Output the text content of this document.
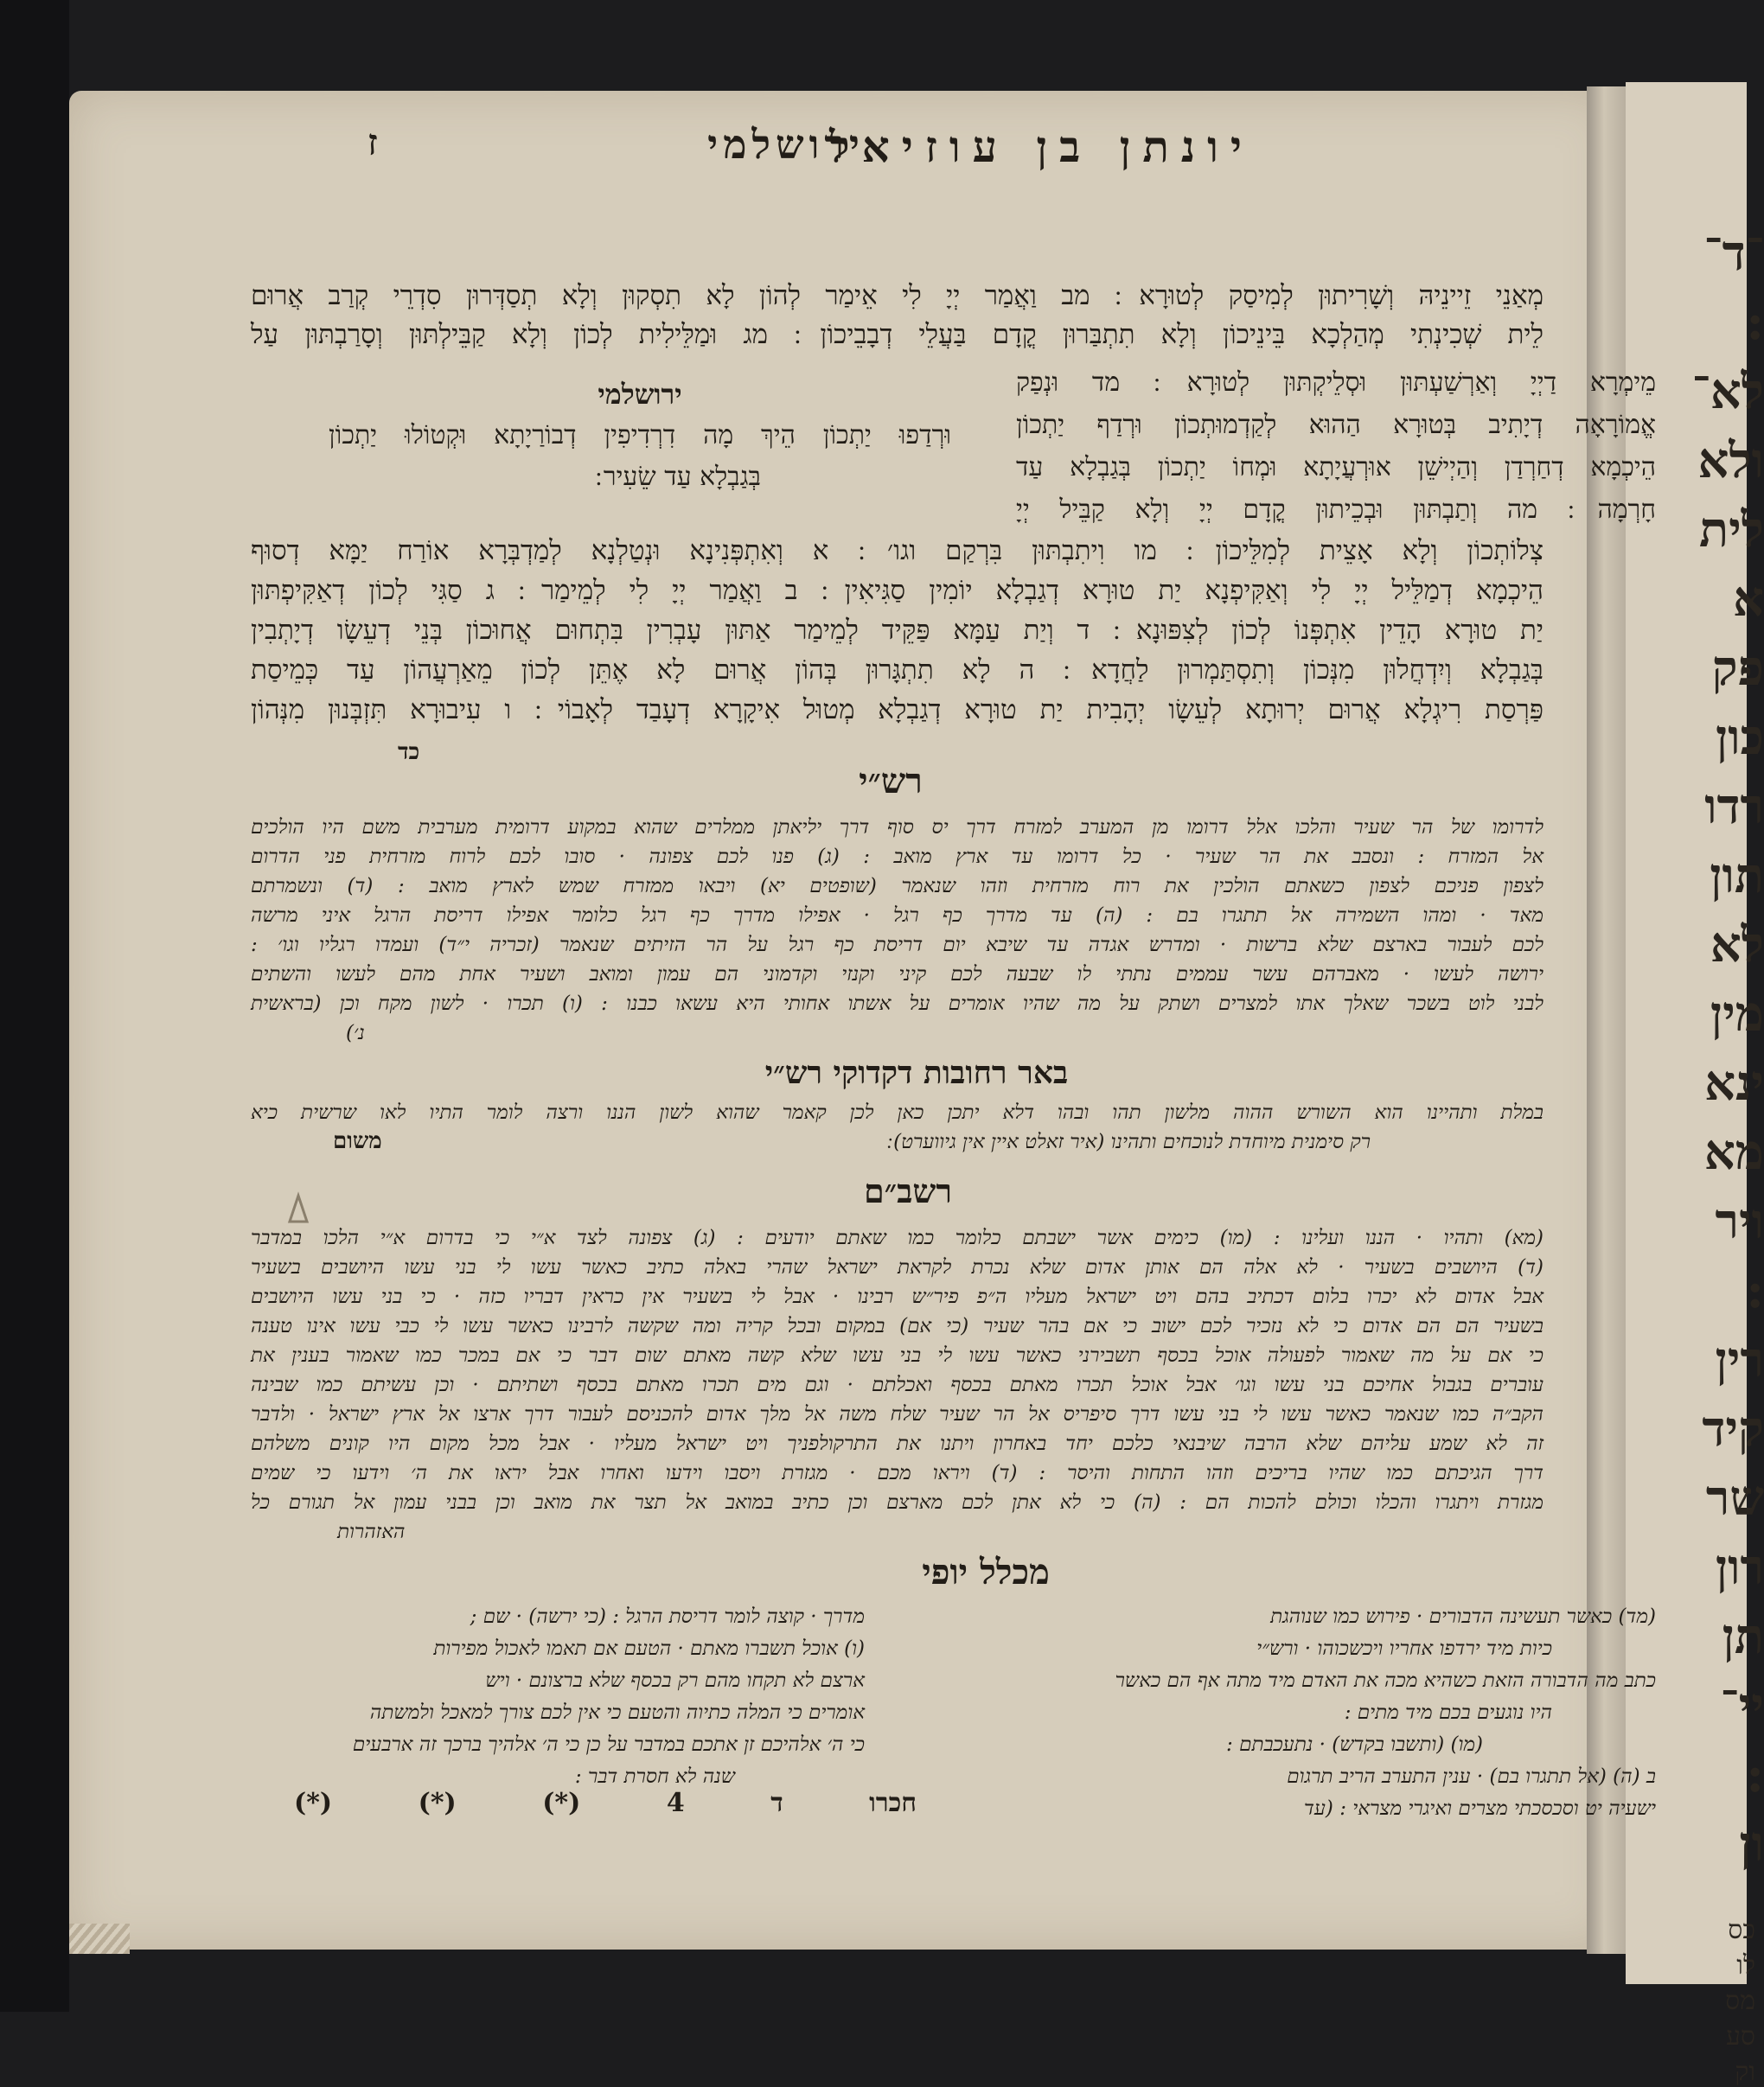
־ד־
:
לא־
ולא
לית
א
פק
כון
רדו
תון
לא
מין
ינא
מא
ויר
:
רין
קיד
שר
רון
תן
יי־
:
ון
כס
לו
מס
סע
וק
יונתן בן עוזיאל
ירושלמי
ז
מְאַנֵי זֵיינֵיהּ וְשָׁרִיתוּן לְמִיסַק לְטוּרָא ׃ מב וַאֲמַר יְיָ לִי אֵימַר לְהוֹן לָא תִסְקוּן וְלָא תְסַדְּרוּן סִדְרֵי קְרַב אֲרוּם
לֵית שְׁכִינְתִי מְהַלְכָא בֵּינֵיכוֹן וְלָא תִתְבַּרוּן קֳדָם בַּעֲלֵי דְבָבֵיכוֹן ׃ מג וּמַלֵּילִית לְכוֹן וְלָא קַבֵּילְתּוּן וְסָרַבְתּוּן עַל
מֵימְרָא דַיְיָ וְאַרְשַׁעְתּוּן וּסְלֵיקְתּוּן לְטוּרָא ׃ מד וּנְפַק
אֱמוֹרָאָה דְיָתִיב בְּטוּרָא הַהוּא לְקַדְמוּתְכוֹן וּרְדַף יַתְכוֹן
הֵיכְמָא דְחַרְדַן וְהַיְישֵׁן אוּרְעֲיָתָא וּמְחוֹ יַתְכוֹן בְּגַבְלָא עַד
חָרְמָה ׃ מה וְתַבְתּוּן וּבְכֵיתוּן קֳדָם יְיָ וְלָא קַבֵּיל יְיָ
ירושלמי
וּרְדַפוּ יַתְכוֹן הֵיךְ מָה דִרְדִיפִין דְבוֹרַיָתָא וּקְטוֹלוּ יַתְכוֹן
בְּגַבְלָא עַד שֵׂעִיר ׃
צְלוֹתְכוֹן וְלָא אָצֵית לְמִלֵּיכוֹן ׃ מו וִיתִבְתּוּן בִּרְקַם וגו׳ ׃ א וְאִתְפְּנִינָא וּנְטַלְנָא לְמַדְבְּרָא אוֹרַח יַמָּא דְסוּף
הֵיכְמָא דְמַלֵּיל יְיָ לִי וְאַקִּיפְנָא יַת טוּרָא דְגַבְלָא יוֹמִין סַגִּיאִין ׃ ב וַאֲמַר יְיָ לִי לְמֵימַר ׃ ג סַגִּי לְכוֹן דְאַקִּיפְתּוּן
יַת טוּרָא הָדֵין אִתְפְּנוֹ לְכוֹן לְצִפּוּנָא ׃ ד וְיַת עַמָּא פַּקֵּיד לְמֵימַר אַתּוּן עָבְרִין בִּתְחוּם אֲחוּכוֹן בְּנֵי דְעֵשָׂו דְיָתְבִין
בְּגַבְלָא וְיִדְחֲלוּן מִנְּכוֹן וְתִסְתַּמְרוּן לַחֲדָא ׃ ה לָא תִתְגָּרוּן בְּהוֹן אֲרוּם לָא אֶתֵּן לְכוֹן מֵאַרְעֲהוֹן עַד כְּמֵיסַת
פַּרְסַת רִיגְלָא אֲרוּם יְרוּתָא לְעֵשָׂו יְהָבִית יַת טוּרָא דְגַבְלָא מְטוּל אִיקָרָא דְעָבַד לְאָבוֹי ׃ ו עִיבוּרָא תִּזְבְּנוּן מִנְּהוֹן
כד
רש״י
לדרומו של הר שעיר והלכו אלל דרומו מן המערב למזרח דרך יס סוף דרך יליאתן ממלרים שהוא במקוע דרומית מערבית משם היו הולכים
אל המזרח : ונסבב את הר שעיר · כל דרומו עד ארץ מואב : (ג) פנו לכם צפונה · סובו לכם לרוח מזרחית פני הדרום
לצפון פניכם לצפון כשאתם הולכין את רוח מזרחית וזהו שנאמר (שופטים יא) ויבאו ממזרח שמש לארץ מואב : (ד) ונשמרתם
מאד · ומהו השמירה אל תתגרו בם : (ה) עד מדרך כף רגל · אפילו מדרך כף רגל כלומר אפילו דריסת הרגל איני מרשה
לכם לעבור בארצם שלא ברשות · ומדרש אגדה עד שיבא יום דריסת כף רגל על הר הזיתים שנאמר (זכריה י״ד) ועמדו רגליו וגו׳ :
ירושה לעשו · מאברהם עשר עממים נתתי לו שבעה לכם קיני וקנזי וקדמוני הם עמון ומואב ושעיר אחת מהם לעשו והשתים
לבני לוט בשכר שאלך אתו למצרים ושתק על מה שהיו אומרים על אשתו אחותי היא עשאו כבנו : (ו) תכרו · לשון מקח וכן (בראשית
נ׳)
באר רחובות דקדוקי רש״י
במלת ותהיינו הוא השורש ההוה מלשון תהו ובהו דלא יתכן כאן לכן קאמר שהוא לשון הננו ורצה לומר התיו לאו שרשית כיא
רק סימנית מיוחדת לנוכחים ותהינו (איר זאלט איין אין גיווערט) ׃
משום
רשב״ם
(מא) ותהיו · הננו ועלינו : (מו) כימים אשר ישבתם כלומר כמו שאתם יודעים : (ג) צפונה לצד א״י כי בדרום א״י הלכו במדבר
(ד) היושבים בשעיר · לא אלה הם אותן אדום שלא נכרת לקראת ישראל שהרי באלה כתיב כאשר עשו לי בני עשו היושבים בשעיר
אבל אדום לא יכרו בלום דכתיב בהם ויט ישראל מעליו ה״פ פיר״ש רבינו · אבל לי בשעיר אין כראין דבריו כזה · כי בני עשו היושבים
בשעיר הם הם אדום כי לא נזכיר לכם ישוב כי אם בהר שעיר (כי אם) במקום ובכל קריה ומה שקשה לרבינו כאשר עשו לי כבי עשו אינו טענה
כי אם על מה שאמור לפעולה אוכל בכסף תשבירני כאשר עשו לי בני עשו שלא קשה מאתם שום דבר כי אם במכר כמו שאמור בענין את
עוברים בגבול אחיכם בני עשו וגו׳ אבל אוכל תכרו מאתם בכסף ואכלתם · וגם מים תכרו מאתם בכסף ושתיתם · וכן עשיתם כמו שבינה
הקב״ה כמו שנאמר כאשר עשו לי בני עשו דרך סיפריס אל הר שעיר שלח משה אל מלך אדום להכניסם לעבור דרך ארצו אל ארץ ישראל · ולדבר
זה לא שמע עליהם שלא הרבה שיבנאי כלכם יחד באחרון ויתנו את התרקולפניך ויט ישראל מעליו · אבל מכל מקום היו קונים משלהם
דרך הגיכתם כמו שהיו בריכים וזהו התחות והיסר : (ד) ויראו מכם · מגזרת ויסבו וידעו ואחרו אבל יראו את ה׳ וידעו כי שמים
מגזרת ויתגרו והכלו וכולם להכות הם : (ה) כי לא אתן לכם מארצם וכן כתיב במואב אל תצר את מואב וכן בבני עמון אל תגורם כל
האזהרות
מכלל יופי
(מד) כאשר תעשינה הדבורים · פירוש כמו שנוהגת
כיות מיד ירדפו אחריו ויכשכוהו · ורש״י
כתב מה הדבורה הזאת כשהיא מכה את האדם מיד מתה אף הם כאשר
היו נוגעים בכם מיד מתים :
(מו) (ותשבו בקדש) · נתעכבתם :
ב (ה) (אל תתגרו בם) · ענין התערב הריב תרגום
ישעיה יט וסכסכתי מצרים ואיגרי מצראי : (עד
מדרך · קוצה לומר דריסת הרגל : (כי ירשה) · שם ;
(ו) אוכל תשברו מאתם · הטעם אם תאמו לאכול מפירות
ארצם לא תקחו מהם רק בכסף שלא ברצונם · ויש
אומרים כי המלה כתיוה והטעם כי אין לכם צורך למאכל ולמשתה
כי ה׳ אלהיכם זן אתכם במדבר על כן כי ה׳ אלהיך ברכך זה ארבעים
שנה לא חסרת דבר :
חכרו
ד
4
(*)
(*)
(*)
